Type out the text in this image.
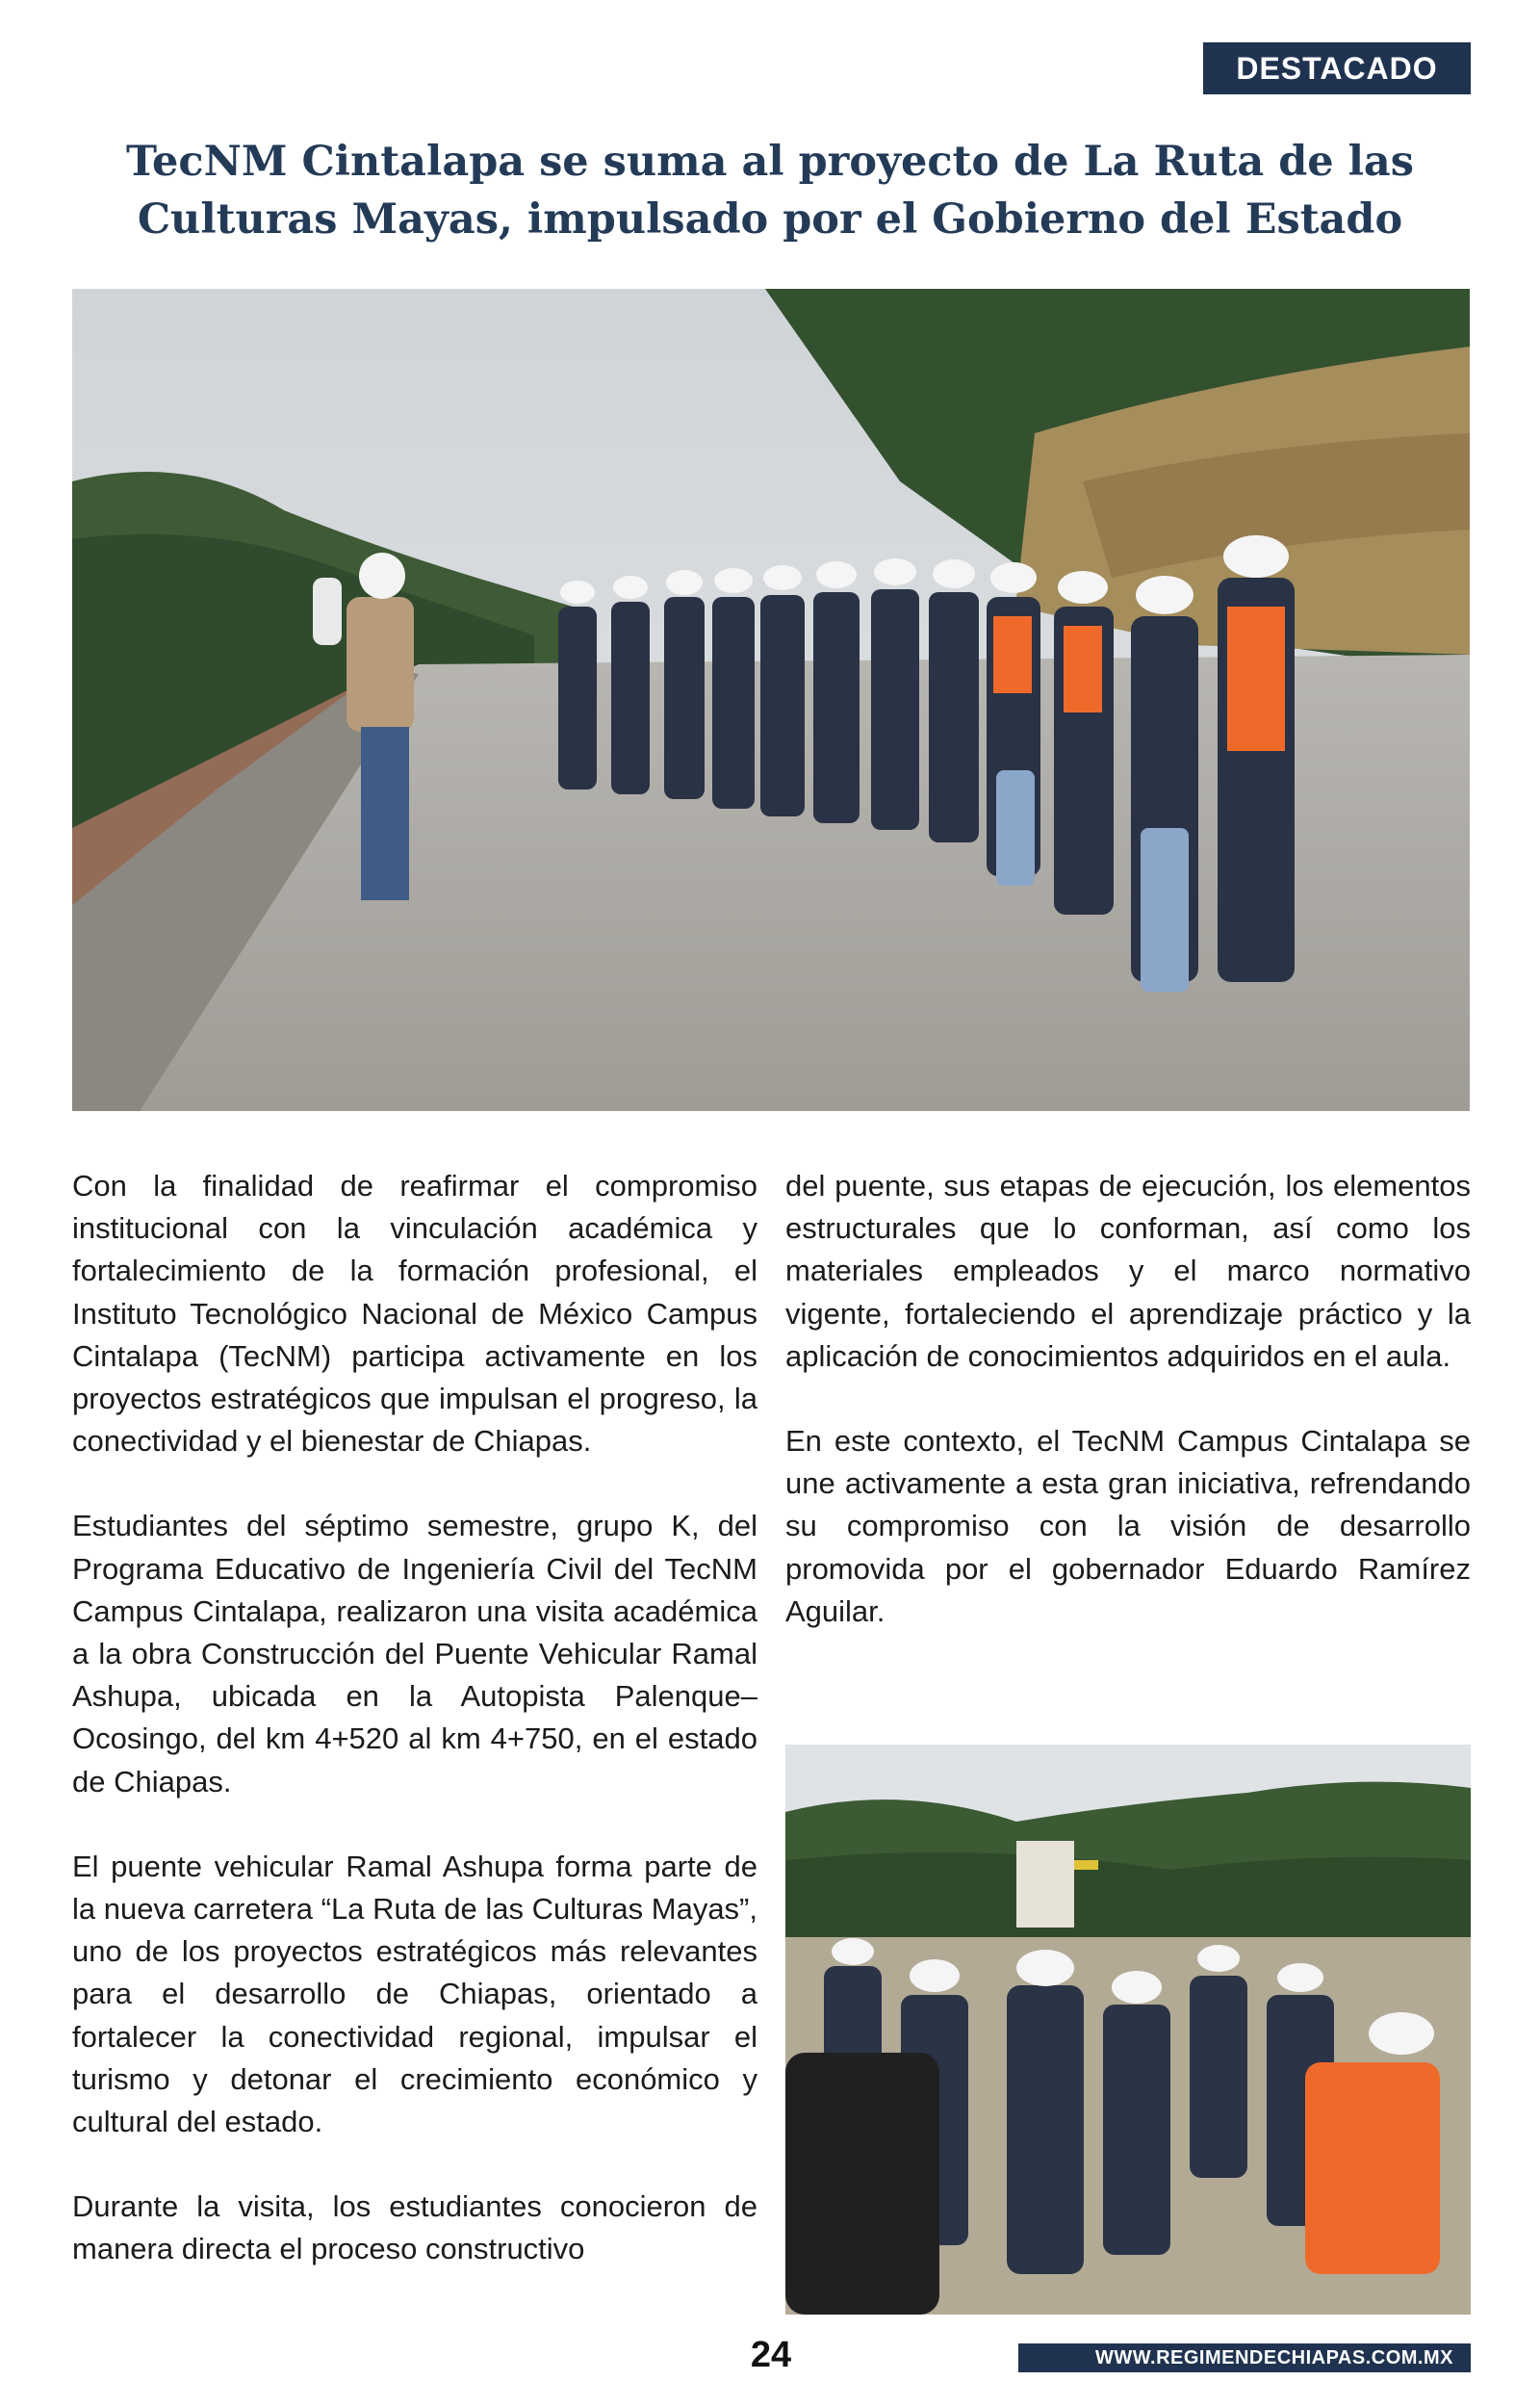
DESTACADO
TecNM Cintalapa se suma al proyecto de La Ruta de las
Culturas Mayas, impulsado por el Gobierno del Estado
Con la finalidad de reafirmar el compromiso institucional con la vinculación académica y fortalecimiento de la formación profesional, el Instituto Tecnológico Nacional de México Campus Cintalapa (TecNM) participa activamente en los proyectos estratégicos que impulsan el progreso, la conectividad y el bienestar de Chiapas.
Estudiantes del séptimo semestre, grupo K, del Programa Educativo de Ingeniería Civil del TecNM Campus Cintalapa, realizaron una visita académica a la obra Construcción del Puente Vehicular Ramal Ashupa, ubicada en la Autopista Palenque–Ocosingo, del km 4+520 al km 4+750, en el estado de Chiapas.
El puente vehicular Ramal Ashupa forma parte de la nueva carretera “La Ruta de las Culturas Mayas”, uno de los proyectos estratégicos más relevantes para el desarrollo de Chiapas, orientado a fortalecer la conectividad regional, impulsar el turismo y detonar el crecimiento económico y cultural del estado.
Durante la visita, los estudiantes conocieron de manera directa el proceso constructivo
del puente, sus etapas de ejecución, los elementos estructurales que lo conforman, así como los materiales empleados y el marco normativo vigente, fortaleciendo el aprendizaje práctico y la aplicación de conocimientos adquiridos en el aula.
En este contexto, el TecNM Campus Cintalapa se une activamente a esta gran iniciativa, refrendando su compromiso con la visión de desarrollo promovida por el gobernador Eduardo Ramírez Aguilar.
24	WWW.REGIMENDECHIAPAS.COM.MX
